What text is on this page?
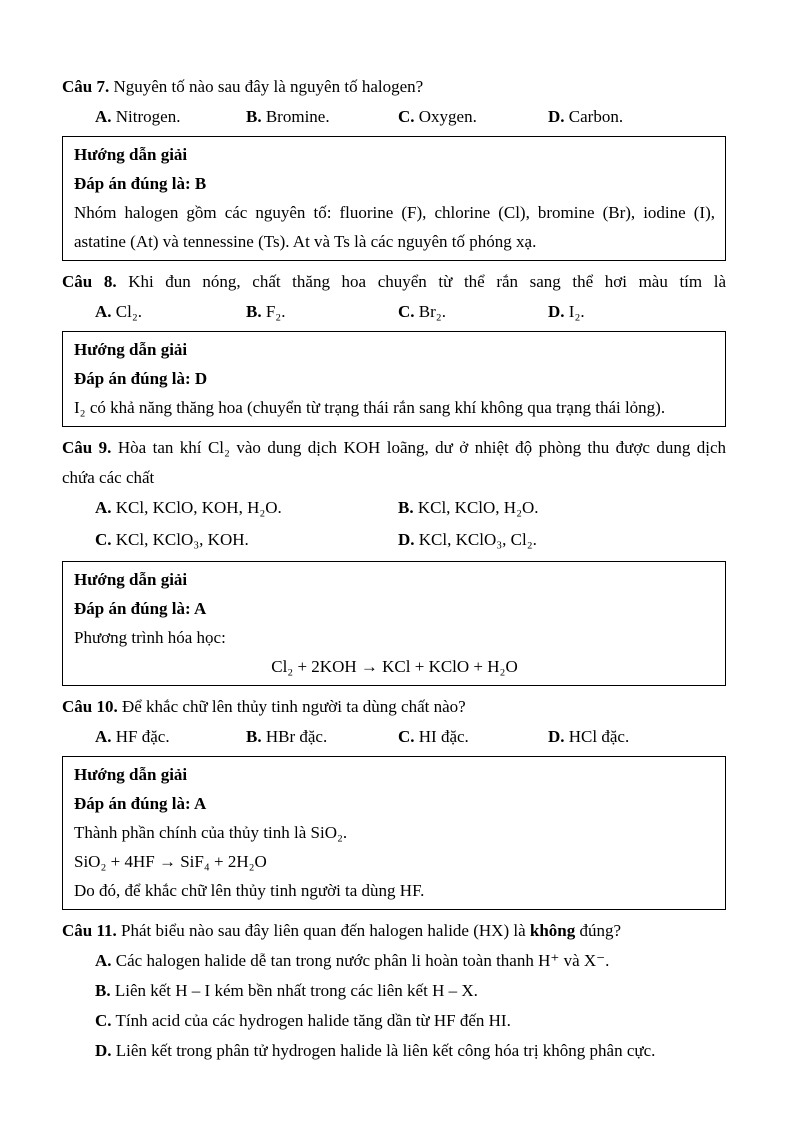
Câu 7. Nguyên tố nào sau đây là nguyên tố halogen?

A. Nitrogen.	B. Bromine.	C. Oxygen.	D. Carbon.

Hướng dẫn giải

Đáp án đúng là: B

Nhóm halogen gồm các nguyên tố: fluorine (F), chlorine (Cl), bromine (Br), iodine (I),

astatine (At) và tennessine (Ts). At và Ts là các nguyên tố phóng xạ.

Câu 8. Khi đun nóng, chất thăng hoa chuyển từ thể rắn sang thể hơi màu tím là

A. Cl₂.	B. F₂.	C. Br₂.	D. I₂.

Hướng dẫn giải

Đáp án đúng là: D

I₂ có khả năng thăng hoa (chuyển từ trạng thái rắn sang khí không qua trạng thái lỏng).

Câu 9. Hòa tan khí Cl₂ vào dung dịch KOH loãng, dư ở nhiệt độ phòng thu được dung dịch

chứa các chất

A. KCl, KClO, KOH, H₂O.	B. KCl, KClO, H₂O.
C. KCl, KClO₃, KOH.	D. KCl, KClO₃, Cl₂.

Hướng dẫn giải

Đáp án đúng là: A

Phương trình hóa học:

Cl₂ + 2KOH → KCl + KClO + H₂O

Câu 10. Để khắc chữ lên thủy tinh người ta dùng chất nào?

A. HF đặc.	B. HBr đặc.	C. HI đặc.	D. HCl đặc.

Hướng dẫn giải

Đáp án đúng là: A

Thành phần chính của thủy tinh là SiO₂.

SiO₂ + 4HF → SiF₄ + 2H₂O

Do đó, để khắc chữ lên thủy tinh người ta dùng HF.

Câu 11. Phát biểu nào sau đây liên quan đến halogen halide (HX) là không đúng?

A. Các halogen halide dễ tan trong nước phân li hoàn toàn thanh H⁺ và X⁻.

B. Liên kết H – I kém bền nhất trong các liên kết H – X.

C. Tính acid của các hydrogen halide tăng dần từ HF đến HI.

D. Liên kết trong phân tử hydrogen halide là liên kết công hóa trị không phân cực.
